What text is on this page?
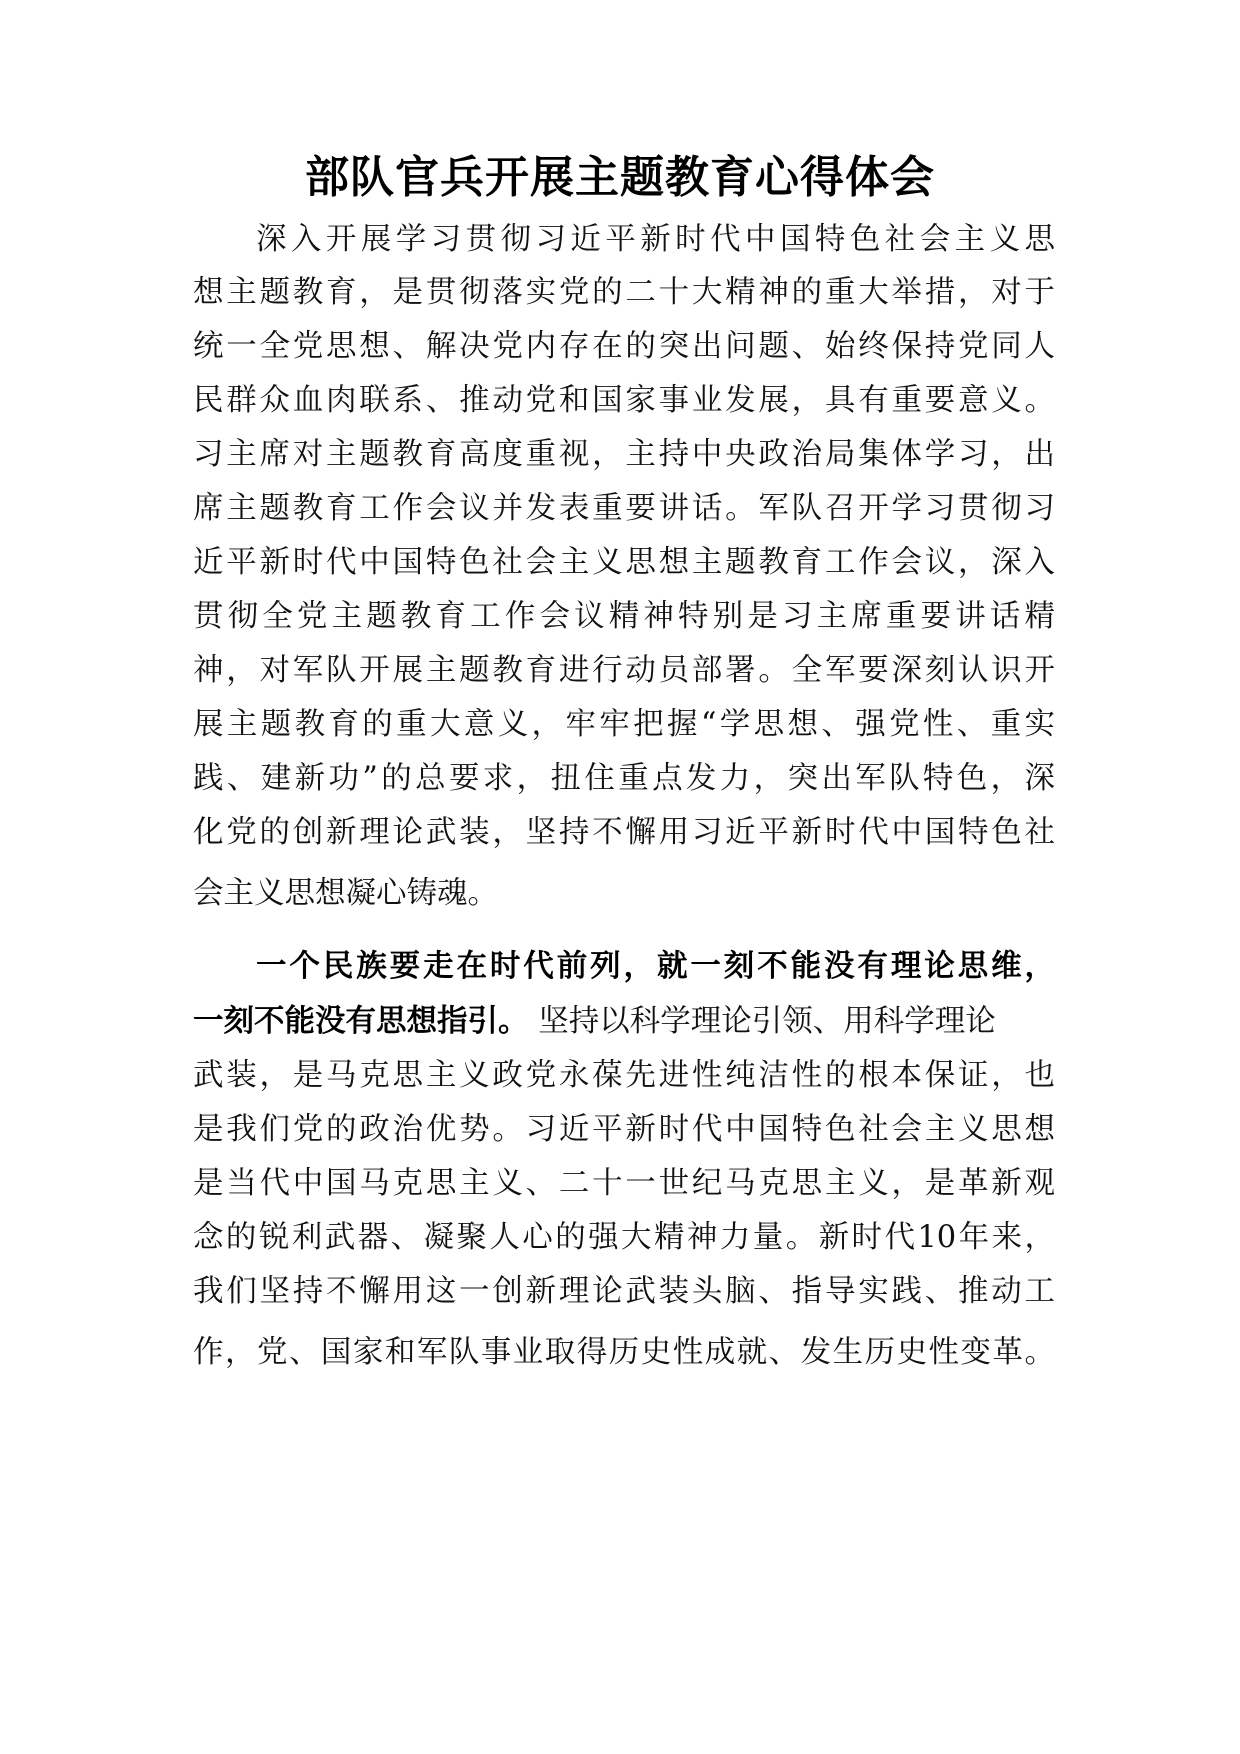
部队官兵开展主题教育心得体会

深入开展学习贯彻习近平新时代中国特色社会主义思

想主题教育，是贯彻落实党的二十大精神的重大举措，对于

统一全党思想、解决党内存在的突出问题、始终保持党同人

民群众血肉联系、推动党和国家事业发展，具有重要意义。

习主席对主题教育高度重视，主持中央政治局集体学习，出

席主题教育工作会议并发表重要讲话。军队召开学习贯彻习

近平新时代中国特色社会主义思想主题教育工作会议，深入

贯彻全党主题教育工作会议精神特别是习主席重要讲话精

神，对军队开展主题教育进行动员部署。全军要深刻认识开

展主题教育的重大意义，牢牢把握“学思想、强党性、重实

践、建新功”的总要求，扭住重点发力，突出军队特色，深

化党的创新理论武装，坚持不懈用习近平新时代中国特色社

会主义思想凝心铸魂。

一个民族要走在时代前列，就一刻不能没有理论思维，

一刻不能没有思想指引。 坚持以科学理论引领、用科学理论

武装，是马克思主义政党永葆先进性纯洁性的根本保证，也

是我们党的政治优势。习近平新时代中国特色社会主义思想

是当代中国马克思主义、二十一世纪马克思主义，是革新观

念的锐利武器、凝聚人心的强大精神力量。新时代10年来，

我们坚持不懈用这一创新理论武装头脑、指导实践、推动工

作，党、国家和军队事业取得历史性成就、发生历史性变革。
